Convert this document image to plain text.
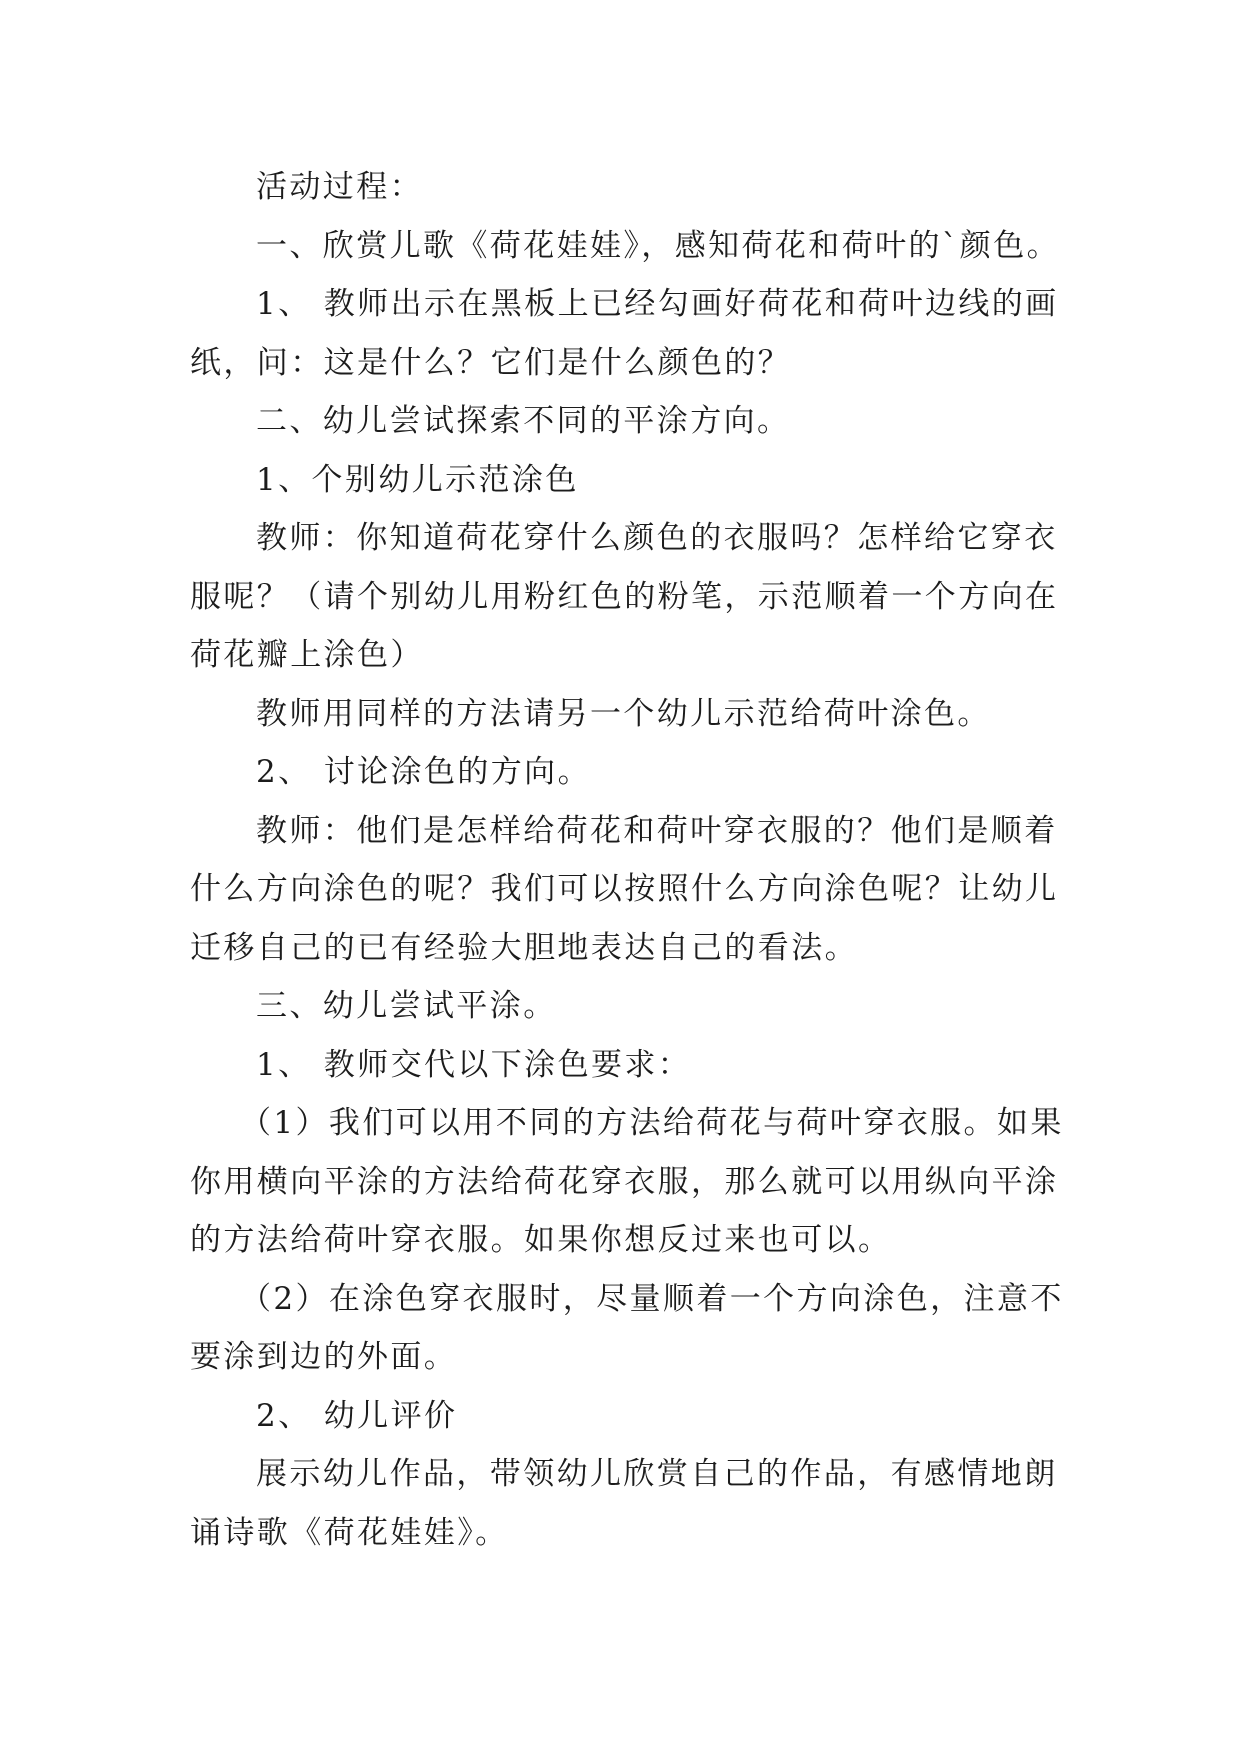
活动过程：

一、欣赏儿歌《荷花娃娃》，感知荷花和荷叶的`颜色。

1、 教师出示在黑板上已经勾画好荷花和荷叶边线的画纸，问：这是什么？它们是什么颜色的？

二、幼儿尝试探索不同的平涂方向。

1、个别幼儿示范涂色

教师：你知道荷花穿什么颜色的衣服吗？怎样给它穿衣服呢？（请个别幼儿用粉红色的粉笔，示范顺着一个方向在荷花瓣上涂色）

教师用同样的方法请另一个幼儿示范给荷叶涂色。

2、 讨论涂色的方向。

教师：他们是怎样给荷花和荷叶穿衣服的？他们是顺着什么方向涂色的呢？我们可以按照什么方向涂色呢？让幼儿迁移自己的已有经验大胆地表达自己的看法。

三、幼儿尝试平涂。

1、 教师交代以下涂色要求：

（1）我们可以用不同的方法给荷花与荷叶穿衣服。如果你用横向平涂的方法给荷花穿衣服，那么就可以用纵向平涂的方法给荷叶穿衣服。如果你想反过来也可以。

（2）在涂色穿衣服时，尽量顺着一个方向涂色，注意不要涂到边的外面。

2、 幼儿评价

展示幼儿作品，带领幼儿欣赏自己的作品，有感情地朗诵诗歌《荷花娃娃》。
